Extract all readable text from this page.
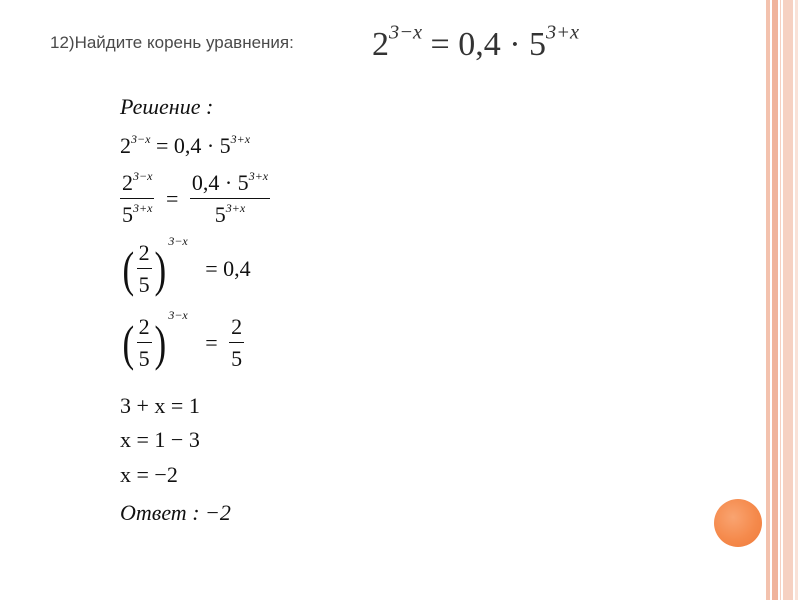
12)Найдите корень уравнения: $2^{3-x} = 0,4 \cdot 5^{3+x}$
Решение :
$2^{3-x} = 0,4 \cdot 5^{3+x}$
$\frac{2^{3-x}}{5^{3+x}} = \frac{0,4 \cdot 5^{3+x}}{5^{3+x}}$
( $\frac{2}{5}$ ) 3−x = 0,4
( $\frac{2}{5}$ ) $3-x = \frac{2}{5}$
3 + x = 1
x = 1 − 3
x = −2
Ответ : −2
